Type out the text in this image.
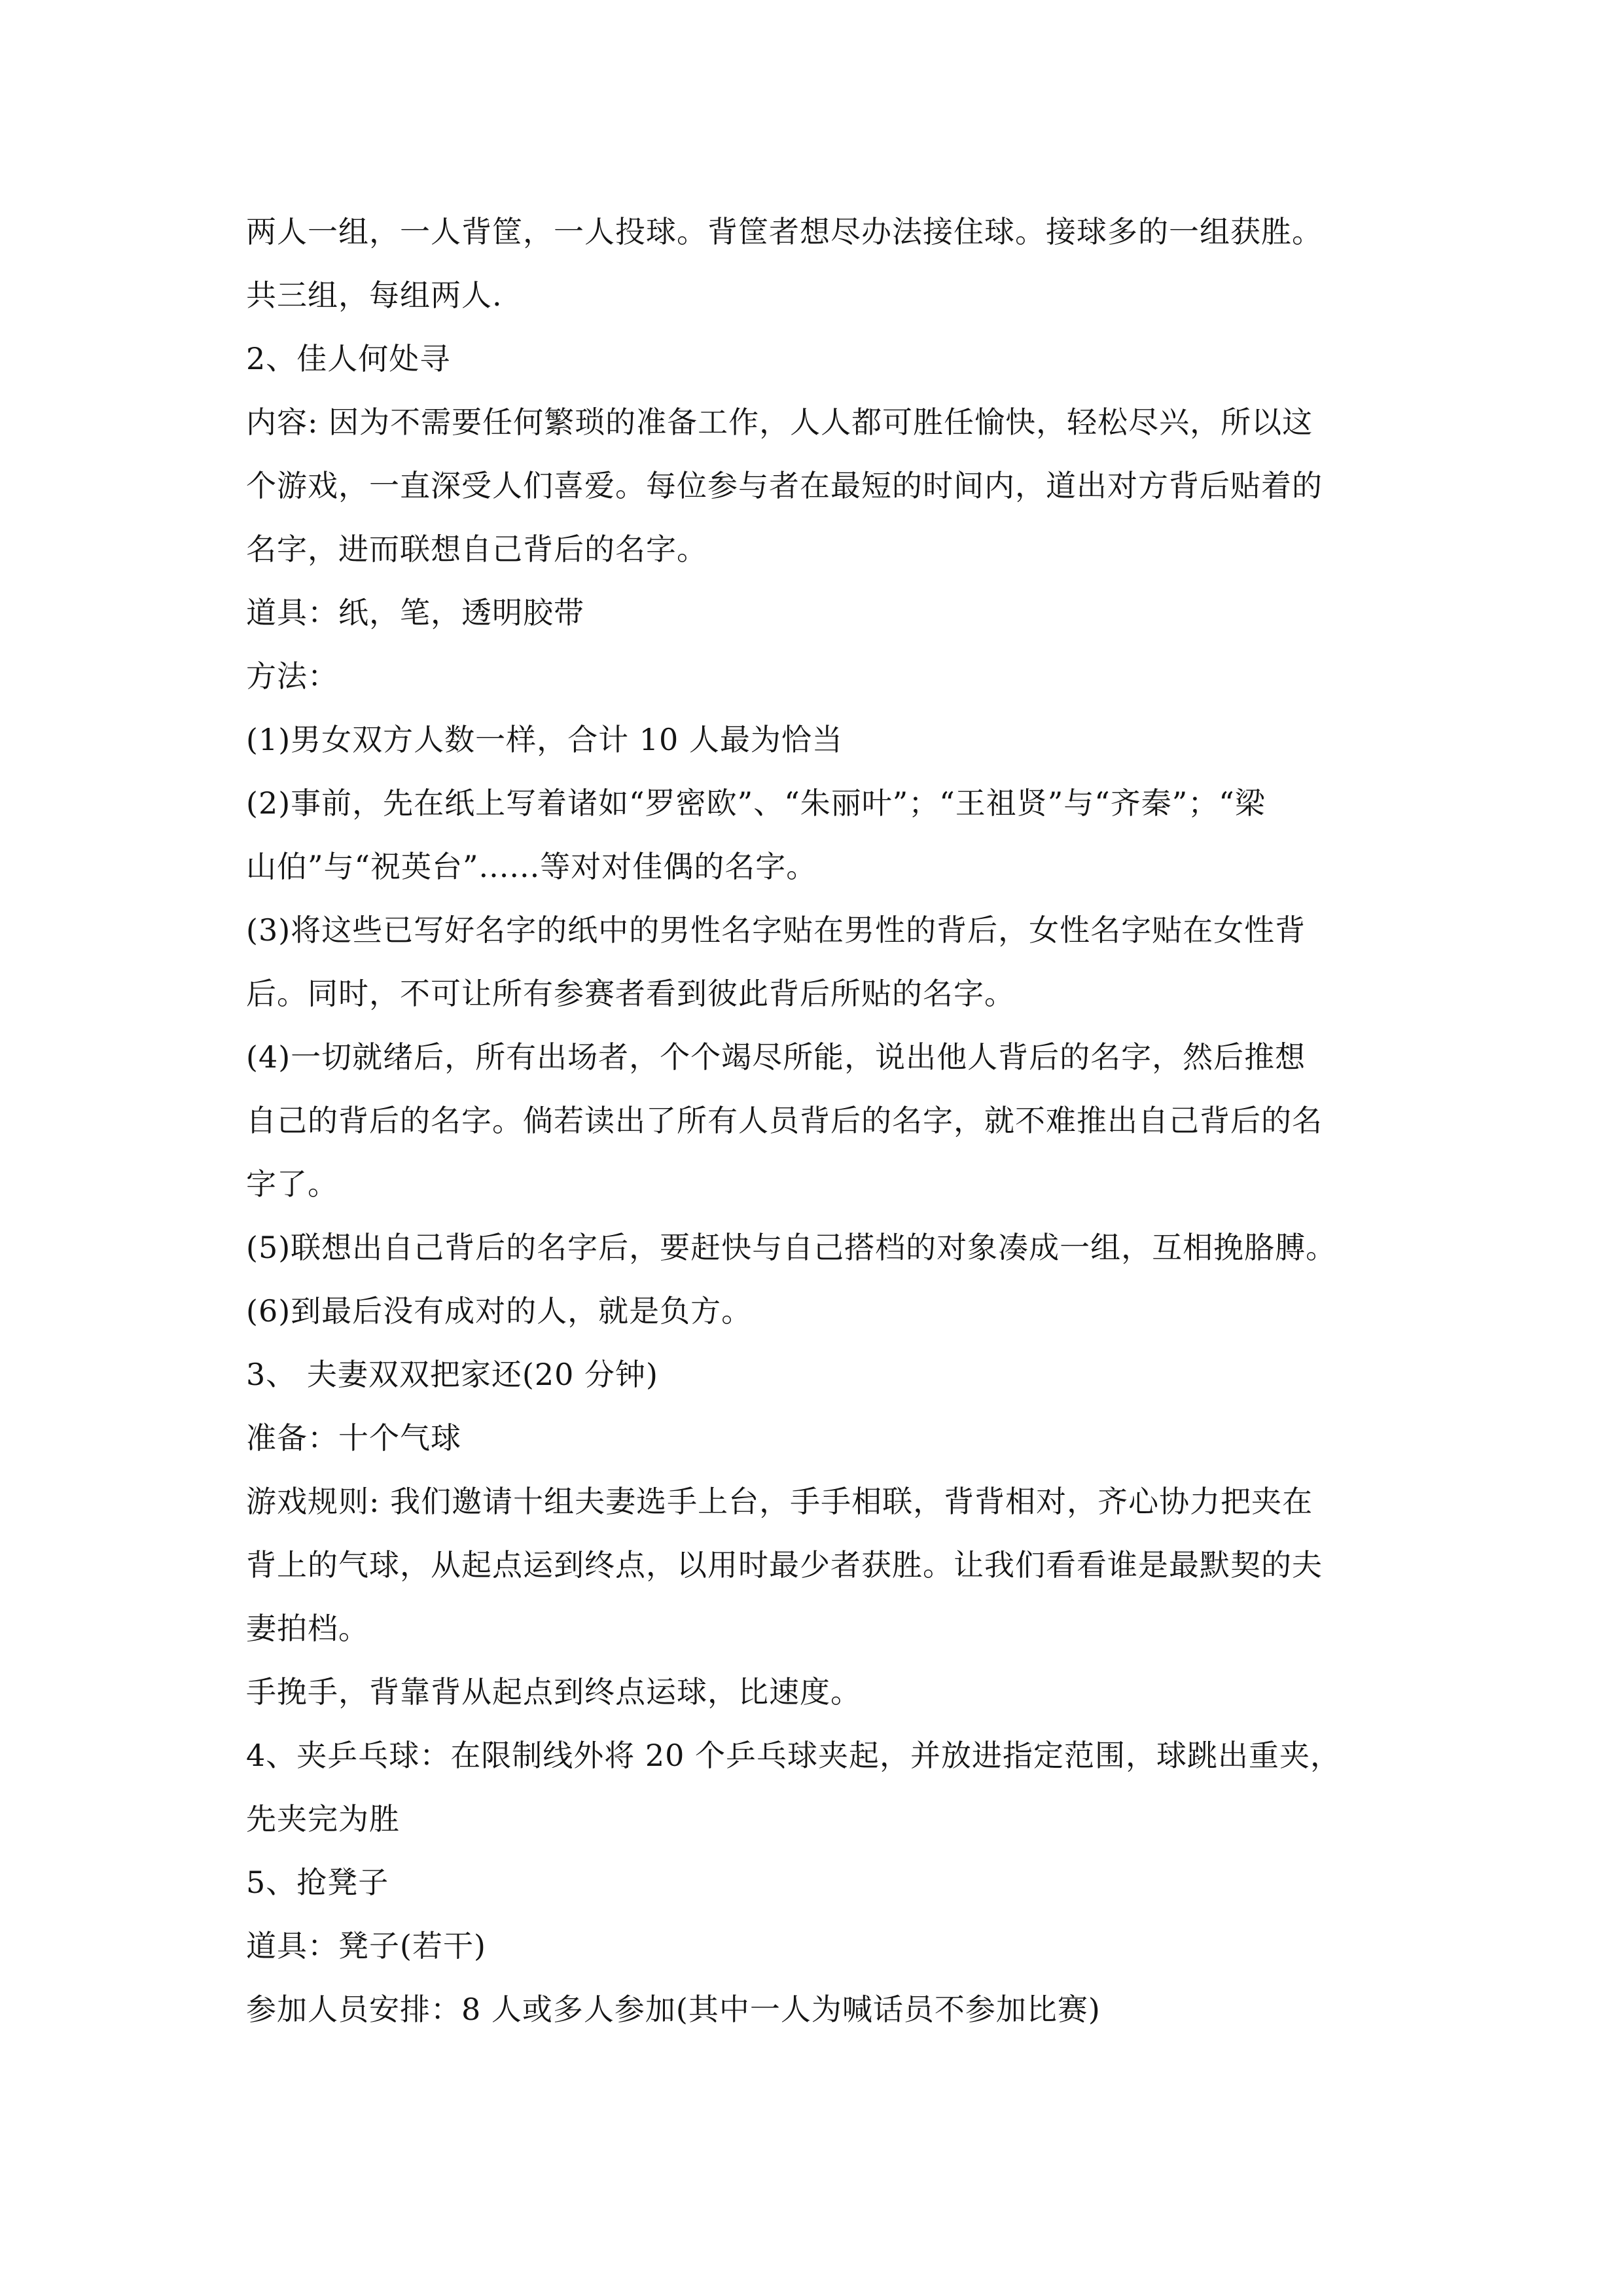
两人一组，一人背筐，一人投球。背筐者想尽办法接住球。接球多的一组获胜。
共三组，每组两人.
2、佳人何处寻
内容: 因为不需要任何繁琐的准备工作，人人都可胜任愉快，轻松尽兴，所以这
个游戏，一直深受人们喜爱。每位参与者在最短的时间内，道出对方背后贴着的
名字，进而联想自己背后的名字。
道具：纸，笔，透明胶带
方法：
(1)男女双方人数一样，合计 10 人最为恰当
(2)事前，先在纸上写着诸如“罗密欧”、“朱丽叶”；“王祖贤”与“齐秦”；“梁
山伯”与“祝英台”......等对对佳偶的名字。
(3)将这些已写好名字的纸中的男性名字贴在男性的背后，女性名字贴在女性背
后。同时，不可让所有参赛者看到彼此背后所贴的名字。
(4)一切就绪后，所有出场者，个个竭尽所能，说出他人背后的名字，然后推想
自己的背后的名字。倘若读出了所有人员背后的名字，就不难推出自己背后的名
字了。
(5)联想出自己背后的名字后，要赶快与自己搭档的对象凑成一组，互相挽胳膊。
(6)到最后没有成对的人，就是负方。
3、 夫妻双双把家还(20 分钟)
准备：十个气球
游戏规则: 我们邀请十组夫妻选手上台，手手相联，背背相对，齐心协力把夹在
背上的气球，从起点运到终点，以用时最少者获胜。让我们看看谁是最默契的夫
妻拍档。
手挽手，背靠背从起点到终点运球，比速度。
4、夹乒乓球：在限制线外将 20 个乒乓球夹起，并放进指定范围，球跳出重夹，
先夹完为胜
5、抢凳子
道具：凳子(若干)
参加人员安排：8 人或多人参加(其中一人为喊话员不参加比赛)
